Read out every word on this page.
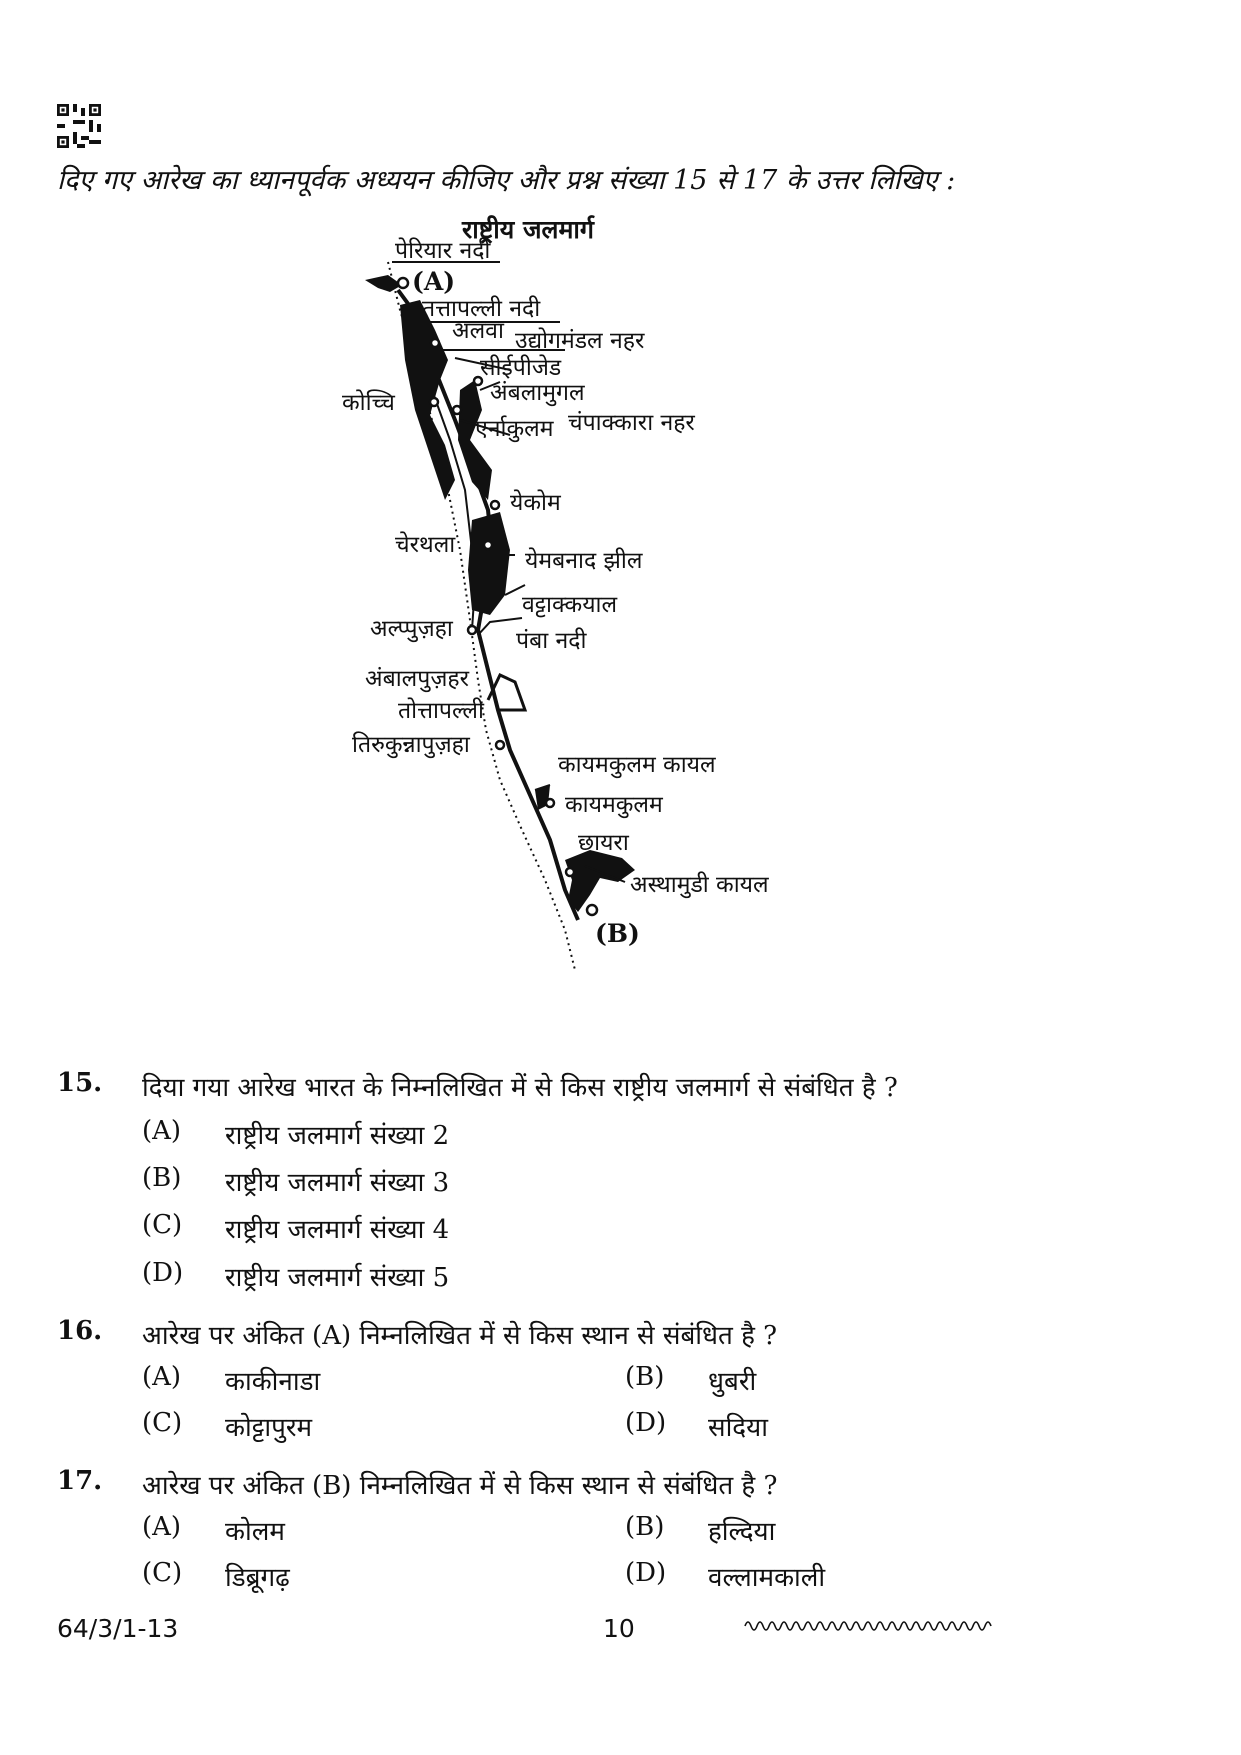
दिए गए आरेख का ध्यानपूर्वक अध्ययन कीजिए और प्रश्न संख्या 15 से 17 के उत्तर लिखिए :
राष्ट्रीय जलमार्ग
पेरियार नदी
(A)
तत्तापल्ली नदी
अलवा उद्योगमंडल नहर
सीईपीजेड
अंबलामुगल
कोच्चि
एर्नाकुलम चंपाक्कारा नहर
येकोम
चेरथला
येमबनाद झील
वट्टाक्कयाल
अल्प्पुज़हा	पंबा नदी
अंबालपुज़हर
तोत्तापल्ली
तिरुकुन्नापुज़हा
कायमकुलम कायल
कायमकुलम
छायरा
अस्थामुडी कायल
(B)
15. दिया गया आरेख भारत के निम्नलिखित में से किस राष्ट्रीय जलमार्ग से संबंधित है ?
(A) राष्ट्रीय जलमार्ग संख्या 2
(B) राष्ट्रीय जलमार्ग संख्या 3
(C) राष्ट्रीय जलमार्ग संख्या 4
(D) राष्ट्रीय जलमार्ग संख्या 5
16. आरेख पर अंकित (A) निम्नलिखित में से किस स्थान से संबंधित है ?
(A) काकीनाडा	(B) धुबरी
(C) कोट्टापुरम	(D) सदिया
17. आरेख पर अंकित (B) निम्नलिखित में से किस स्थान से संबंधित है ?
(A) कोलम	(B) हल्दिया
(C) डिब्रूगढ़	(D) वल्लामकाली
64/3/1-13	10
